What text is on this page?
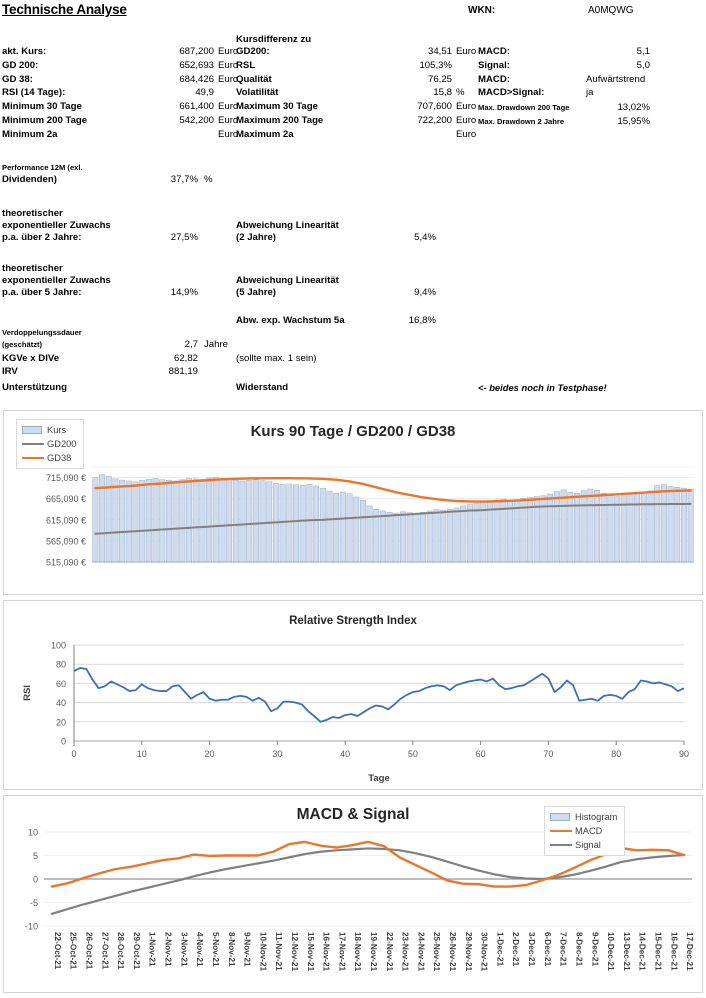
Technische Analyse	WKN:	A0MQWG
Kursdifferenz zu
akt. Kurs:	687,200 Euro
GD 200:	652,693 Euro
GD 38:	684,426 Euro
RSI (14 Tage):	49,9
Minimum 30 Tage	661,400 Euro
Minimum 200 Tage	542,200 Euro
Minimum 2a	Euro
GD200:	34,51 Euro
RSL	105,3%
Qualität	76,25
Volatilität	15,8 %
Maximum 30 Tage	707,600 Euro
Maximum 200 Tage	722,200 Euro
Maximum 2a	Euro
MACD:	5,1
Signal:	5,0
MACD:	Aufwärtstrend
MACD>Signal:	ja
Max. Drawdown 200 Tage	13,02%
Max. Drawdown 2 Jahre	15,95%
Performance 12M (exl.
Dividenden)	37,7% %
theoretischer
exponentieller Zuwachs
p.a. über 2 Jahre:	27,5%
Abweichung Linearität
(2 Jahre)	5,4%
theoretischer
exponentieller Zuwachs
p.a. über 5 Jahre:	14,9%
Abweichung Linearität
(5 Jahre)	9,4%
Abw. exp. Wachstum 5a	16,8%
Verdoppelungssdauer
(geschätzt)	2,7 Jahre
KGVe x DIVe	62,82	(sollte max. 1 sein)
IRV	881,19
Unterstützung	Widerstand	<- beides noch in Testphase!
Kurs 90 Tage / GD200 / GD38
515,090 €
565,090 €
615,090 €
665,090 €
715,090 €
Kurs
GD200
GD38
Relative Strength Index
0
20
40
60
80
100
0	10	20	30	40	50	60	70	80	90
RSI
Tage
MACD & Signal
-10
-5
0
5
10
22-Oct-21 25-Oct-21 26-Oct-21 27-Oct-21 28-Oct-21 29-Oct-21 1-Nov-21 2-Nov-21 3-Nov-21 4-Nov-21 5-Nov-21 8-Nov-21 9-Nov-21 10-Nov-21 11-Nov-21 12-Nov-21 15-Nov-21 16-Nov-21 17-Nov-21 18-Nov-21 19-Nov-21 22-Nov-21 23-Nov-21 24-Nov-21 25-Nov-21 26-Nov-21 29-Nov-21 30-Nov-21 1-Dec-21 2-Dec-21 3-Dec-21 6-Dec-21 7-Dec-21 8-Dec-21 9-Dec-21 10-Dec-21 13-Dec-21 14-Dec-21 15-Dec-21 16-Dec-21 17-Dec-21
Histogram
MACD
Signal
